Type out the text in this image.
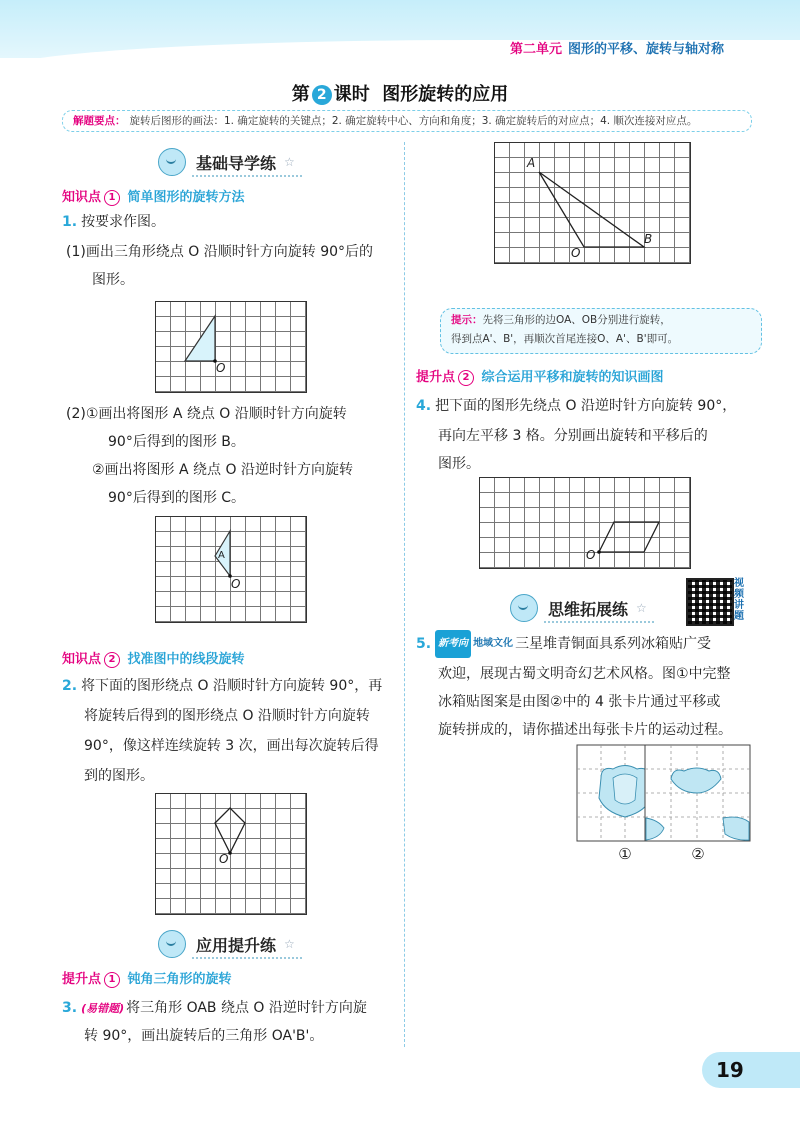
第二单元 图形的平移、旋转与轴对称
第 2 课时 图形旋转的应用
解题要点： 旋转后图形的画法：1. 确定旋转的关键点；2. 确定旋转中心、方向和角度；3. 确定旋转后的对应点；4. 顺次连接对应点。
基础导学练 ☆
知识点 1 简单图形的旋转方法
1. 按要求作图。
(1)画出三角形绕点 O 沿顺时针方向旋转 90°后的
图形。
O
(2)①画出将图形 A 绕点 O 沿顺时针方向旋转
90°后得到的图形 B。
②画出将图形 A 绕点 O 沿逆时针方向旋转
90°后得到的图形 C。
A
O
知识点 2 找准图中的线段旋转
2. 将下面的图形绕点 O 沿顺时针方向旋转 90°，再
将旋转后得到的图形绕点 O 沿顺时针方向旋转
90°，像这样连续旋转 3 次，画出每次旋转后得
到的图形。
O
应用提升练 ☆
提升点 1 钝角三角形的旋转
3. (易错题) 将三角形 OAB 绕点 O 沿逆时针方向旋
转 90°，画出旋转后的三角形 OA'B'。
A
B
O
提示：先将三角形的边OA、OB分别进行旋转，
得到点A'、B'，再顺次首尾连接O、A'、B'即可。
提升点 2 综合运用平移和旋转的知识画图
4. 把下面的图形先绕点 O 沿逆时针方向旋转 90°，
再向左平移 3 格。分别画出旋转和平移后的
图形。
O
思维拓展练 ☆
视频讲题
5. 新考向 地域文化 三星堆青铜面具系列冰箱贴广受
欢迎，展现古蜀文明奇幻艺术风格。图①中完整
冰箱贴图案是由图②中的 4 张卡片通过平移或
旋转拼成的，请你描述出每张卡片的运动过程。
①	②
19
